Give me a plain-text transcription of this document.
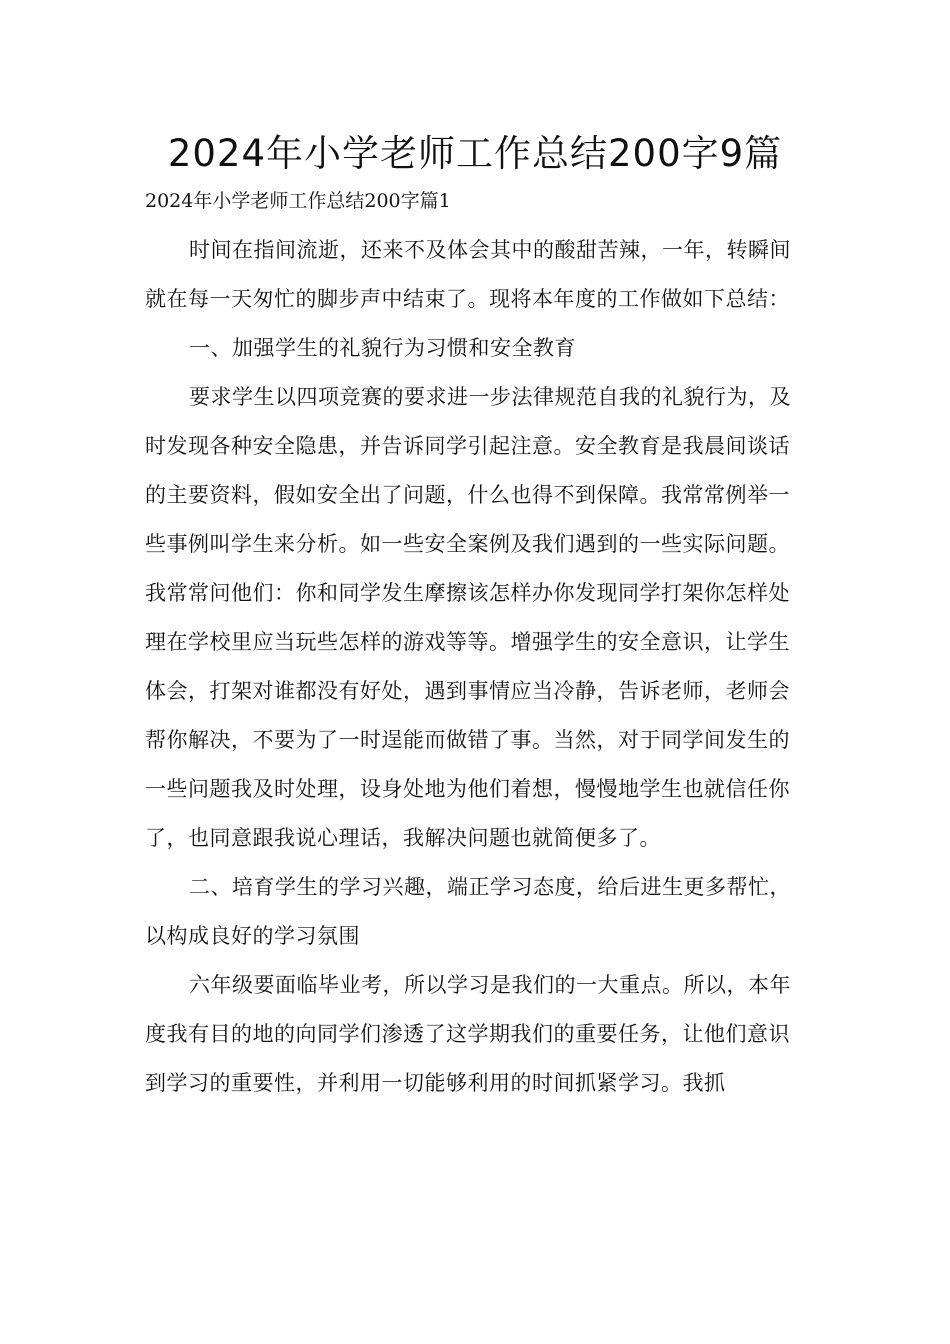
2024年小学老师工作总结200字9篇
2024年小学老师工作总结200字篇1

时间在指间流逝，还来不及体会其中的酸甜苦辣，一年，转瞬间就在每一天匆忙的脚步声中结束了。现将本年度的工作做如下总结：

一、加强学生的礼貌行为习惯和安全教育

要求学生以四项竞赛的要求进一步法律规范自我的礼貌行为，及时发现各种安全隐患，并告诉同学引起注意。安全教育是我晨间谈话的主要资料，假如安全出了问题，什么也得不到保障。我常常例举一些事例叫学生来分析。如一些安全案例及我们遇到的一些实际问题。我常常问他们：你和同学发生摩擦该怎样办你发现同学打架你怎样处理在学校里应当玩些怎样的游戏等等。增强学生的安全意识，让学生体会，打架对谁都没有好处，遇到事情应当冷静，告诉老师，老师会帮你解决，不要为了一时逞能而做错了事。当然，对于同学间发生的一些问题我及时处理，设身处地为他们着想，慢慢地学生也就信任你了，也同意跟我说心理话，我解决问题也就简便多了。

二、培育学生的学习兴趣，端正学习态度，给后进生更多帮忙，以构成良好的学习氛围

六年级要面临毕业考，所以学习是我们的一大重点。所以，本年度我有目的地的向同学们渗透了这学期我们的重要任务，让他们意识到学习的重要性，并利用一切能够利用的时间抓紧学习。我抓
